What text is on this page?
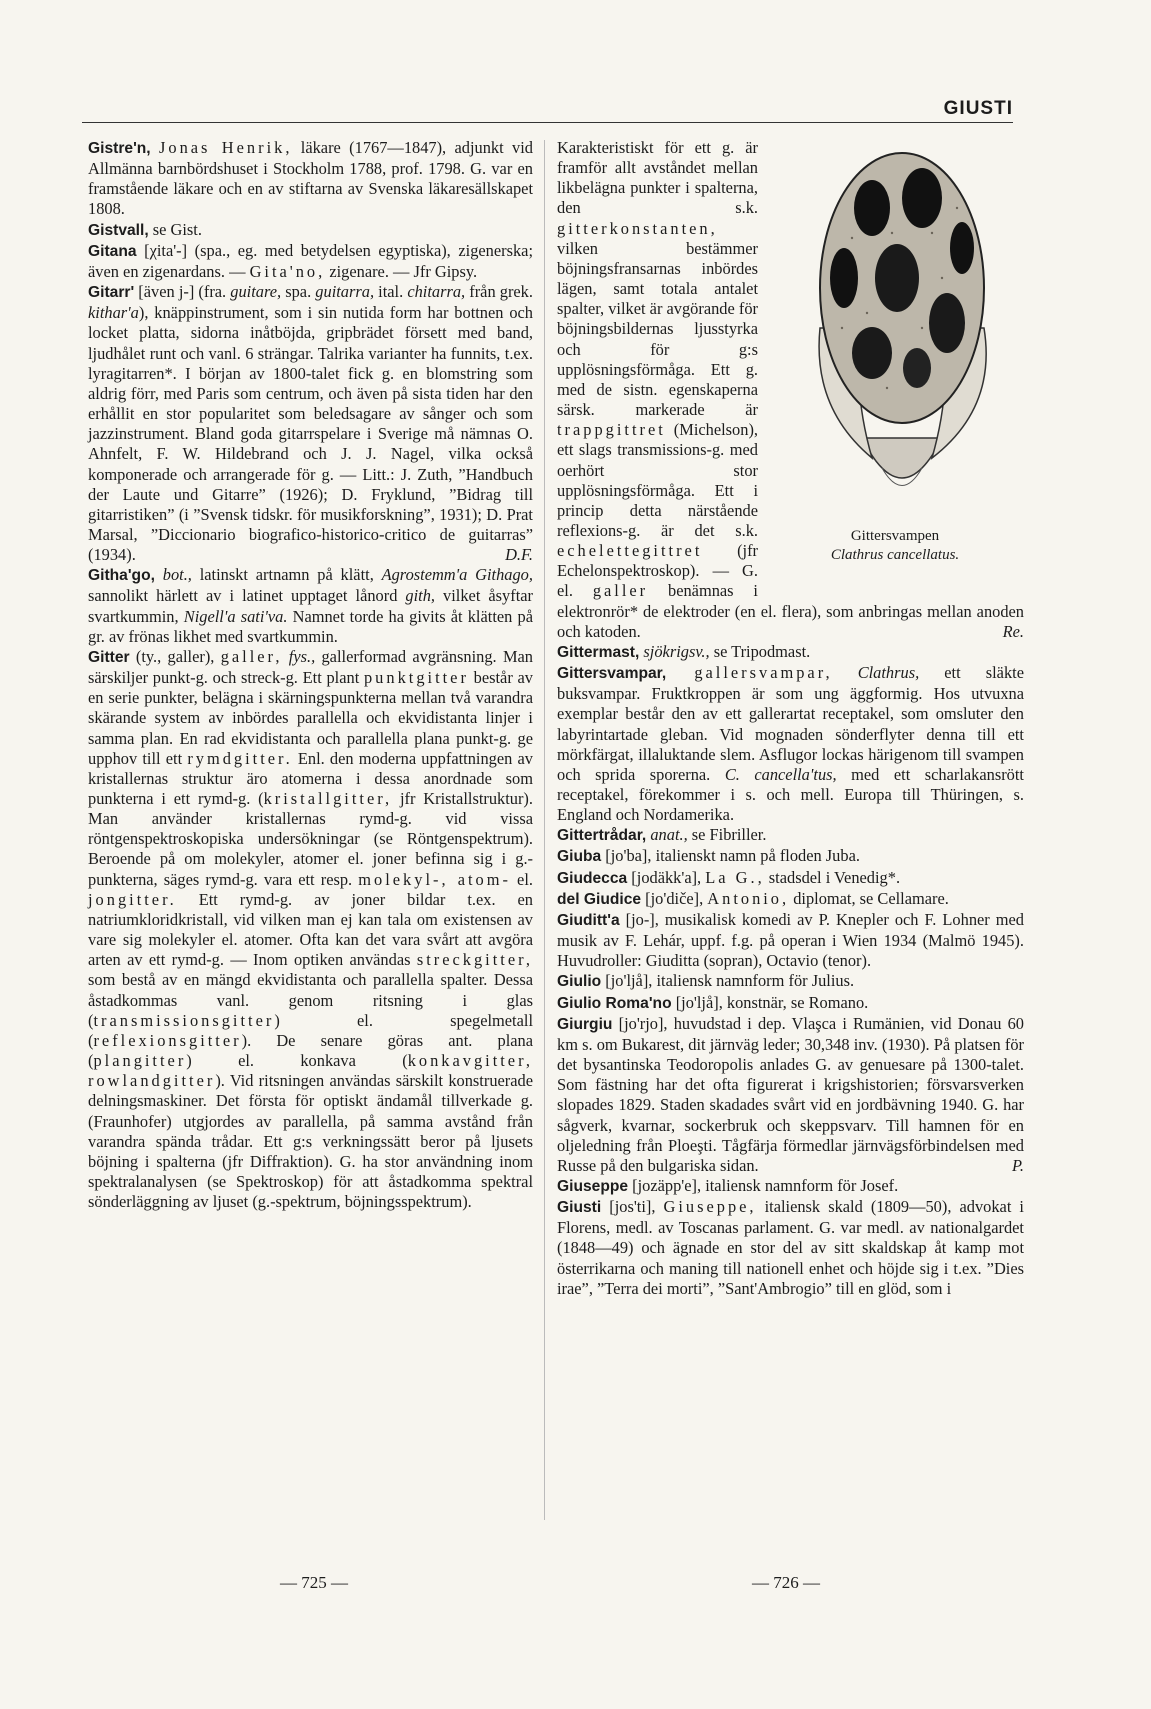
GIUSTI

Gistre'n, Jonas Henrik, läkare (1767—1847), adjunkt vid Allmänna barnbördshuset i Stockholm 1788, prof. 1798. G. var en framstående läkare och en av stiftarna av Svenska läkaresällskapet 1808.

Gistvall, se Gist.

Gitana [χita'-] (spa., eg. med betydelsen egyptiska), zigenerska; även en zigenardans. — Gita'no, zigenare. — Jfr Gipsy.

Gitarr' [även j-] (fra. guitare, spa. guitarra, ital. chitarra, från grek. kithar'a), knäppinstrument, som i sin nutida form har bottnen och locket platta, sidorna inåtböjda, gripbrädet försett med band, ljudhålet runt och vanl. 6 strängar. Talrika varianter ha funnits, t.ex. lyragitarren*. I början av 1800-talet fick g. en blomstring som aldrig förr, med Paris som centrum, och även på sista tiden har den erhållit en stor popularitet som beledsagare av sånger och som jazzinstrument. Bland goda gitarrspelare i Sverige må nämnas O. Ahnfelt, F. W. Hildebrand och J. J. Nagel, vilka också komponerade och arrangerade för g. — Litt.: J. Zuth, ”Handbuch der Laute und Gitarre” (1926); D. Fryklund, ”Bidrag till gitarristiken” (i ”Svensk tidskr. för musikforskning”, 1931); D. Prat Marsal, ”Diccionario biografico-historico-critico de guitarras” (1934).	D.F.

Githa'go, bot., latinskt artnamn på klätt, Agrostemm'a Githago, sannolikt härlett av i latinet upptaget lånord gith, vilket åsyftar svartkummin, Nigell'a sati'va. Namnet torde ha givits åt klätten på gr. av frönas likhet med svartkummin.

Gitter (ty., galler), galler, fys., gallerformad avgränsning. Man särskiljer punkt-g. och streck-g. Ett plant punktgitter består av en serie punkter, belägna i skärningspunkterna mellan två varandra skärande system av inbördes parallella och ekvidistanta linjer i samma plan. En rad ekvidistanta och parallella plana punkt-g. ge upphov till ett rymdgitter. Enl. den moderna uppfattningen av kristallernas struktur äro atomerna i dessa anordnade som punkterna i ett rymd-g. (kristallgitter, jfr Kristallstruktur). Man använder kristallernas rymd-g. vid vissa röntgenspektroskopiska undersökningar (se Röntgenspektrum). Beroende på om molekyler, atomer el. joner befinna sig i g.-punkterna, säges rymd-g. vara ett resp. molekyl-, atom- el. jongitter. Ett rymd-g. av joner bildar t.ex. en natriumkloridkristall, vid vilken man ej kan tala om existensen av vare sig molekyler el. atomer. Ofta kan det vara svårt att avgöra arten av ett rymd-g. — Inom optiken användas streckgitter, som bestå av en mängd ekvidistanta och parallella spalter. Dessa åstadkommas vanl. genom ritsning i glas (transmissionsgitter) el. spegelmetall (reflexionsgitter). De senare göras ant. plana (plangitter) el. konkava (konkavgitter, rowlandgitter). Vid ritsningen användas särskilt konstruerade delningsmaskiner. Det första för optiskt ändamål tillverkade g. (Fraunhofer) utgjordes av parallella, på samma avstånd från varandra spända trådar. Ett g:s verkningssätt beror på ljusets böjning i spalterna (jfr Diffraktion). G. ha stor användning inom spektralanalysen (se Spektroskop) för att åstadkomma spektral sönderläggning av ljuset (g.-spektrum, böjningsspektrum).

Gittersvampen
Clathrus cancellatus.

Karakteristiskt för ett g. är framför allt avståndet mellan likbelägna punkter i spalterna, den s.k. gitterkonstanten, vilken bestämmer böjningsfransarnas inbördes lägen, samt totala antalet spalter, vilket är avgörande för böjningsbildernas ljusstyrka och för g:s upplösningsförmåga. Ett g. med de sistn. egenskaperna särsk. markerade är trappgittret (Michelson), ett slags transmissions-g. med oerhört stor upplösningsförmåga. Ett i princip detta närstående reflexions-g. är det s.k. echelettegittret (jfr Echelonspektroskop). — G. el. galler benämnas i elektronrör* de elektroder (en el. flera), som anbringas mellan anoden och katoden.	Re.

Gittermast, sjökrigsv., se Tripodmast.

Gittersvampar, gallersvampar, Clathrus, ett släkte buksvampar. Fruktkroppen är som ung äggformig. Hos utvuxna exemplar består den av ett gallerartat receptakel, som omsluter den labyrintartade gleban. Vid mognaden sönderflyter denna till ett mörkfärgat, illaluktande slem. Asflugor lockas härigenom till svampen och sprida sporerna. C. cancella'tus, med ett scharlakansrött receptakel, förekommer i s. och mell. Europa till Thüringen, s. England och Nordamerika.

Gittertrådar, anat., se Fibriller.

Giuba [jo'ba], italienskt namn på floden Juba.

Giudecca [jodäkk'a], La G., stadsdel i Venedig*.

del Giudice [jo'diče], Antonio, diplomat, se Cellamare.

Giuditt'a [jo-], musikalisk komedi av P. Knepler och F. Lohner med musik av F. Lehár, uppf. f.g. på operan i Wien 1934 (Malmö 1945). Huvudroller: Giuditta (sopran), Octavio (tenor).

Giulio [jo'ljå], italiensk namnform för Julius.

Giulio Roma'no [jo'ljå], konstnär, se Romano.

Giurgiu [jo'rjo], huvudstad i dep. Vlaşca i Rumänien, vid Donau 60 km s. om Bukarest, dit järnväg leder; 30,348 inv. (1930). På platsen för det bysantinska Teodoropolis anlades G. av genuesare på 1300-talet. Som fästning har det ofta figurerat i krigshistorien; försvarsverken slopades 1829. Staden skadades svårt vid en jordbävning 1940. G. har sågverk, kvarnar, sockerbruk och skeppsvarv. Till hamnen för en oljeledning från Ploeşti. Tågfärja förmedlar järnvägsförbindelsen med Russe på den bulgariska sidan.	P.

Giuseppe [jozäpp'e], italiensk namnform för Josef.

Giusti [jos'ti], Giuseppe, italiensk skald (1809—50), advokat i Florens, medl. av Toscanas parlament. G. var medl. av nationalgardet (1848—49) och ägnade en stor del av sitt skaldskap åt kamp mot österrikarna och maning till nationell enhet och höjde sig i t.ex. ”Dies irae”, ”Terra dei morti”, ”Sant'Ambrogio” till en glöd, som i

— 725 —	— 726 —
